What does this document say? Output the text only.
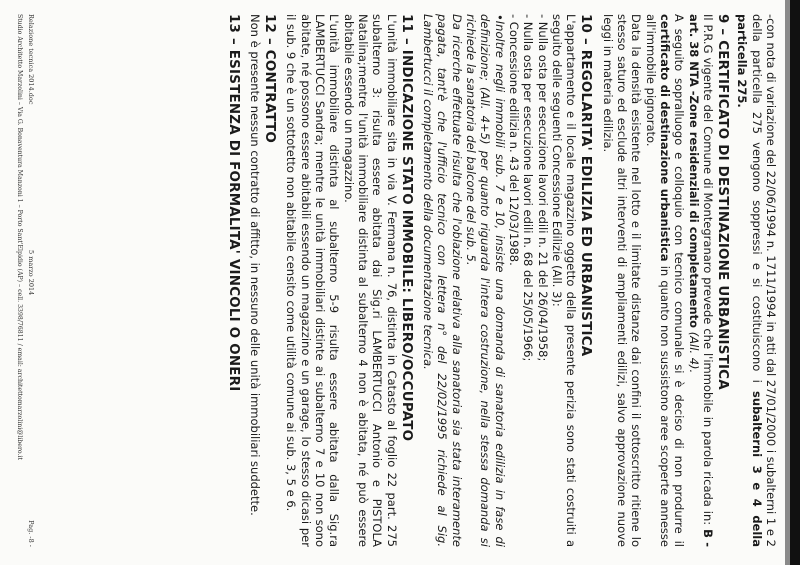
-con nota di variazione del 22/06/1994 n. 1711/1994 in atti dal 27/01/2000 i subalterni 1 e 2 della particella 275 vengono soppressi e si costituiscono i subalterni 3 e 4 della particella 275.

9 – CERTIFICATO DI DESTINAZIONE URBANISTICA

Il P.R.G vigente del Comune di Montegranaro prevede che l'immobile in parola ricada in: B -art. 38 NTA -Zone residenziali di completamento (All. 4).

A seguito sopralluogo e colloquio con tecnico comunale si è deciso di non produrre il certificato di destinazione urbanistica in quanto non sussistono aree scoperte annesse all'immobile pignorato.

Data la densità esistente nel lotto e il limitate distanze dai confini il sottoscritto ritiene lo stesso saturo ed esclude altri interventi di ampliamenti edilizi, salvo approvazione nuove leggi in materia edilizia.

10 – REGOLARITA' EDILIZIA ED URBANISTICA

L'appartamento e il locale magazzino oggetto della presente perizia sono stati costruiti a seguito delle seguenti Concessione Edilizie (All. 3):

- Nulla osta per esecuzione lavori edili n. 21 del 26/04/1958;
- Nulla osta per esecuzione lavori edili n. 68 del 25/05/1966;
- Concessione edilizia n. 43 del 12/03/1988.

•Inoltre negli immobili sub. 7 e 10, insiste una domanda di sanatoria edilizia in fase di definizione; (All. 4+5) per quanto riguarda l'intera costruzione, nella stessa domanda si richiede la sanatoria del balcone del sub. 5.

Da ricerche effettuate risulta che l'oblazione relativa alla sanatoria sia stata interamente pagata, tant'è che l'ufficio tecnico con lettera n° del 22/02/1995 richiede al Sig. Lambertucci il completamento della documentazione tecnica.

11 – INDICAZIONE STATO IMMOBILE: LIBERO/OCCUPATO

L'unità immobiliare sita in via V. Fermana n. 76, distinta in Catasto al foglio 22 part. 275 subalterno 3: risulta essere abitata dai Sig.ri LAMBERTUCCI Antonio e PISTOLA Natalina;mentre l'unità immobiliare distinta al subalterno 4 non è abitata, né può essere abitabile essendo un magazzino.

L'unità immobiliare distinta al subalterno 5-9 risulta essere abitata dalla Sig.ra LAMBERTUCCI Sandra; mentre le unità immobiliari distinte ai subalterno 7 e 10 non sono abitate, né possono essere abitabili essendo un magazzino e un garage, lo stesso dicasi per il sub. 9 che è un sottotetto non abitabile censito come utilità comune ai sub. 3, 5 e 6.

12 – CONTRATTO

Non è presente nessun contratto di affitto, in nessuno delle unità immobiliari suddette.

13 – ESISTENZA DI FORMALITA' VINCOLI O ONERI
Relazione tecnica 2014.doc
5 marzo 2014
Pag. -8 -
Studio Architetto Marzolini – Via G. Bonaventura Manzoni 1 – Porto Sant'Elpidio (AP) – cell. 3398/76811 / email: architettomarzolini@libero.it
